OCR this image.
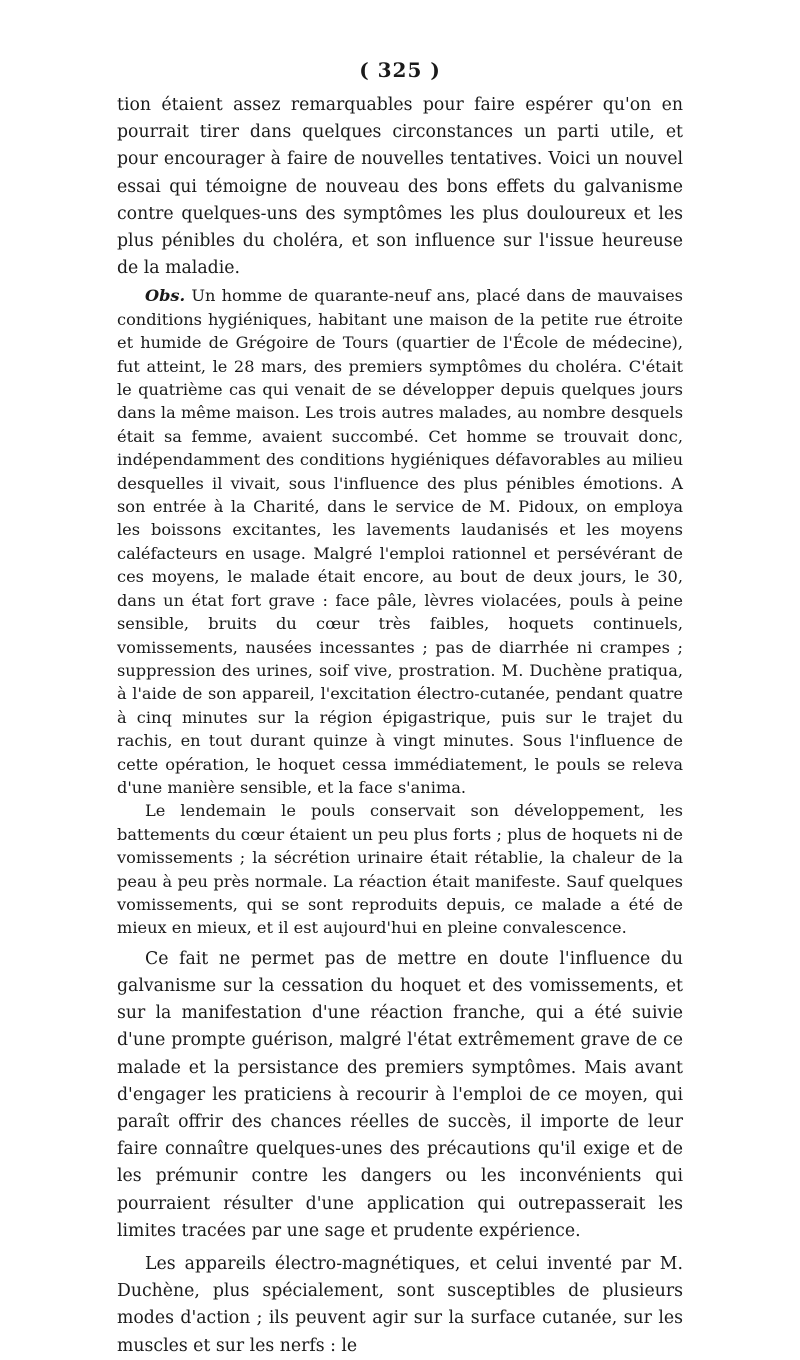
( 325 )

tion étaient assez remarquables pour faire espérer qu'on en pourrait tirer dans quelques circonstances un parti utile, et pour encourager à faire de nouvelles tentatives. Voici un nouvel essai qui témoigne de nouveau des bons effets du galvanisme contre quelques-uns des symptômes les plus douloureux et les plus pénibles du choléra, et son influence sur l'issue heureuse de la maladie.

Obs. Un homme de quarante-neuf ans, placé dans de mauvaises conditions hygiéniques, habitant une maison de la petite rue étroite et humide de Grégoire de Tours (quartier de l'École de médecine), fut atteint, le 28 mars, des premiers symptômes du choléra. C'était le quatrième cas qui venait de se développer depuis quelques jours dans la même maison. Les trois autres malades, au nombre desquels était sa femme, avaient succombé. Cet homme se trouvait donc, indépendamment des conditions hygiéniques défavorables au milieu desquelles il vivait, sous l'influence des plus pénibles émotions. A son entrée à la Charité, dans le service de M. Pidoux, on employa les boissons excitantes, les lavements laudanisés et les moyens caléfacteurs en usage. Malgré l'emploi rationnel et persévérant de ces moyens, le malade était encore, au bout de deux jours, le 30, dans un état fort grave : face pâle, lèvres violacées, pouls à peine sensible, bruits du cœur très faibles, hoquets continuels, vomissements, nausées incessantes ; pas de diarrhée ni crampes ; suppression des urines, soif vive, prostration. M. Duchène pratiqua, à l'aide de son appareil, l'excitation électro-cutanée, pendant quatre à cinq minutes sur la région épigastrique, puis sur le trajet du rachis, en tout durant quinze à vingt minutes. Sous l'influence de cette opération, le hoquet cessa immédiatement, le pouls se releva d'une manière sensible, et la face s'anima.

Le lendemain le pouls conservait son développement, les battements du cœur étaient un peu plus forts ; plus de hoquets ni de vomissements ; la sécrétion urinaire était rétablie, la chaleur de la peau à peu près normale. La réaction était manifeste. Sauf quelques vomissements, qui se sont reproduits depuis, ce malade a été de mieux en mieux, et il est aujourd'hui en pleine convalescence.

Ce fait ne permet pas de mettre en doute l'influence du galvanisme sur la cessation du hoquet et des vomissements, et sur la manifestation d'une réaction franche, qui a été suivie d'une prompte guérison, malgré l'état extrêmement grave de ce malade et la persistance des premiers symptômes. Mais avant d'engager les praticiens à recourir à l'emploi de ce moyen, qui paraît offrir des chances réelles de succès, il importe de leur faire connaître quelques-unes des précautions qu'il exige et de les prémunir contre les dangers ou les inconvénients qui pourraient résulter d'une application qui outrepasserait les limites tracées par une sage et prudente expérience.

Les appareils électro-magnétiques, et celui inventé par M. Duchène, plus spécialement, sont susceptibles de plusieurs modes d'action ; ils peuvent agir sur la surface cutanée, sur les muscles et sur les nerfs : le
